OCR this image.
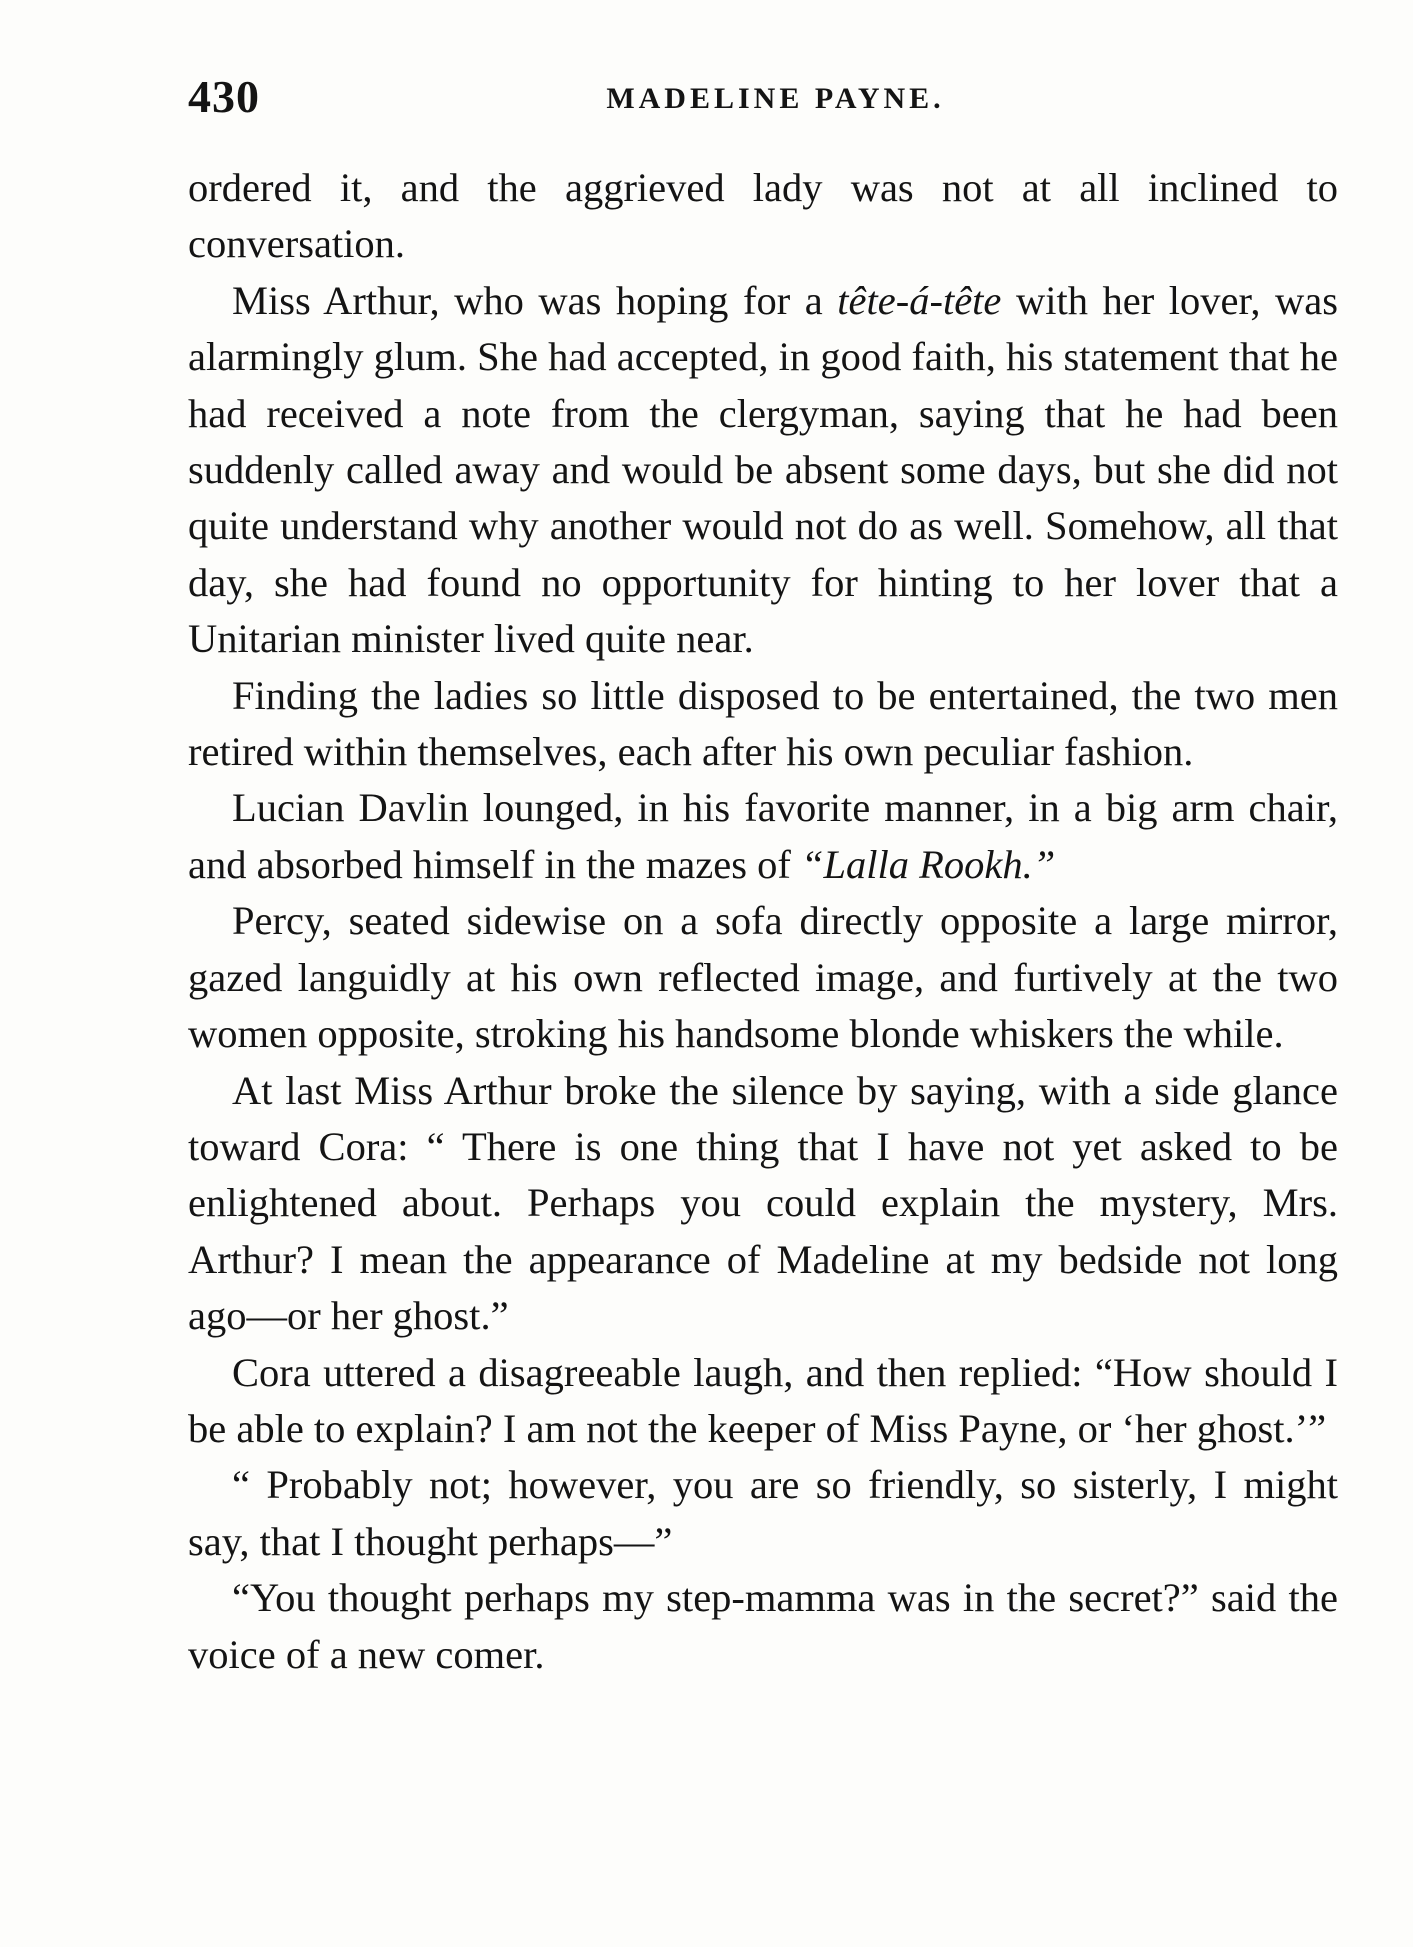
430	MADELINE PAYNE.

ordered it, and the aggrieved lady was not at all inclined to conversation.

Miss Arthur, who was hoping for a tête-á-tête with her lover, was alarmingly glum. She had accepted, in good faith, his statement that he had received a note from the clergyman, saying that he had been suddenly called away and would be absent some days, but she did not quite understand why another would not do as well. Somehow, all that day, she had found no opportunity for hinting to her lover that a Unitarian minister lived quite near.

Finding the ladies so little disposed to be entertained, the two men retired within themselves, each after his own peculiar fashion.

Lucian Davlin lounged, in his favorite manner, in a big arm chair, and absorbed himself in the mazes of “Lalla Rookh.”

Percy, seated sidewise on a sofa directly opposite a large mirror, gazed languidly at his own reflected image, and furtively at the two women opposite, stroking his handsome blonde whiskers the while.

At last Miss Arthur broke the silence by saying, with a side glance toward Cora: “ There is one thing that I have not yet asked to be enlightened about. Perhaps you could explain the mystery, Mrs. Arthur? I mean the appearance of Madeline at my bedside not long ago—or her ghost.”

Cora uttered a disagreeable laugh, and then replied: “How should I be able to explain? I am not the keeper of Miss Payne, or ‘her ghost.’”

“ Probably not; however, you are so friendly, so sisterly, I might say, that I thought perhaps—”

“You thought perhaps my step-mamma was in the secret?” said the voice of a new comer.
